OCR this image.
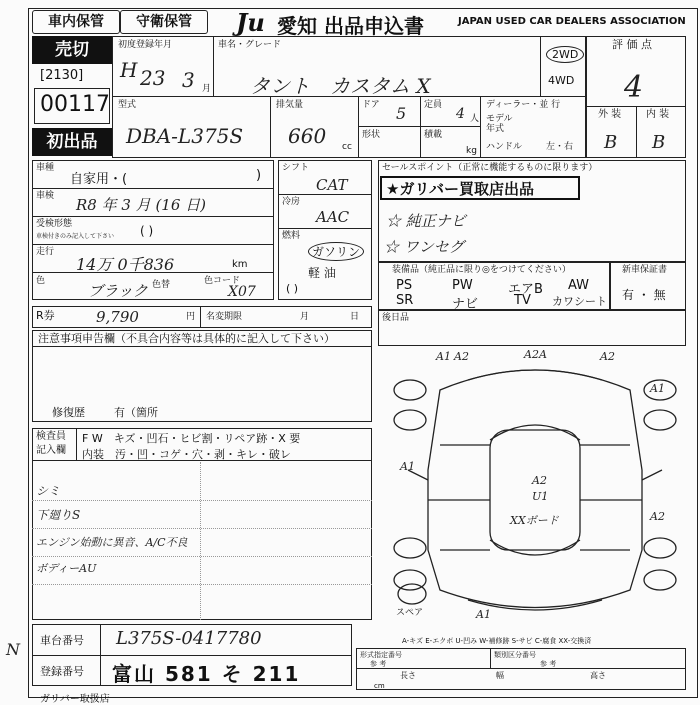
車内保管	守衛保管	Ju 愛知 出品申込書	JAPAN USED CAR DEALERS ASSOCIATION
売切
[2130]
00117
初出品
初度登録年月
H 23 3 月
車名・グレード
タント　カスタム X
2WD
4WD
評 価 点
4
外 装 内 装
B B
型式
DBA-L375S
排気量
660 cc
ドア 5
形状
定員
4 人
積載
kg
ディーラー・並 行
モデル
年式
ハンドル	左・右
車種
自家用・(	)
車検 R8 年 3 月 (16 日)
受検形態
車検付きのみ記入して下さい ( )
走行
14万 0千836	km
色
ブラック 色替	色コード
X07
シフト
CAT
冷房
AAC
燃料
ガソリン
軽 油
( )
R券	9,790	円 名変期限	月	日
セールスポイント（正常に機能するものに限ります）
★ガリバー買取店出品
☆ 純正ナビ
☆ ワンセグ
装備品（純正品に限り◎をつけてください）
PS	PW	エアB AW
SR	ナビ	TV カワシート
新車保証書
有 ・ 無
後日品
注意事項申告欄（不具合内容等は具体的に記入して下さい）
修復歴	有（箇所
検査員
記入欄
F W　キズ・凹石・ヒビ割・リペア跡・X 要
内装　汚・凹・コゲ・穴・剥・キレ・破レ
シミ
下廻りS
エンジン始動に異音、A/C不良
ボディーAU
A2	A2A	A2
A1
A2
A1
A2
U1
XXボード
A1
A1
スペア
A-キズ E-エクボ U-凹み W-補修跡 S-サビ C-腐食 XX-交換済
車台番号 L375S-0417780
登録番号 富山 581 そ 211
ガリバー取扱店
形式指定番号
参 考
類別区分番号
参 考
長さ	幅	高さ
cm
N
